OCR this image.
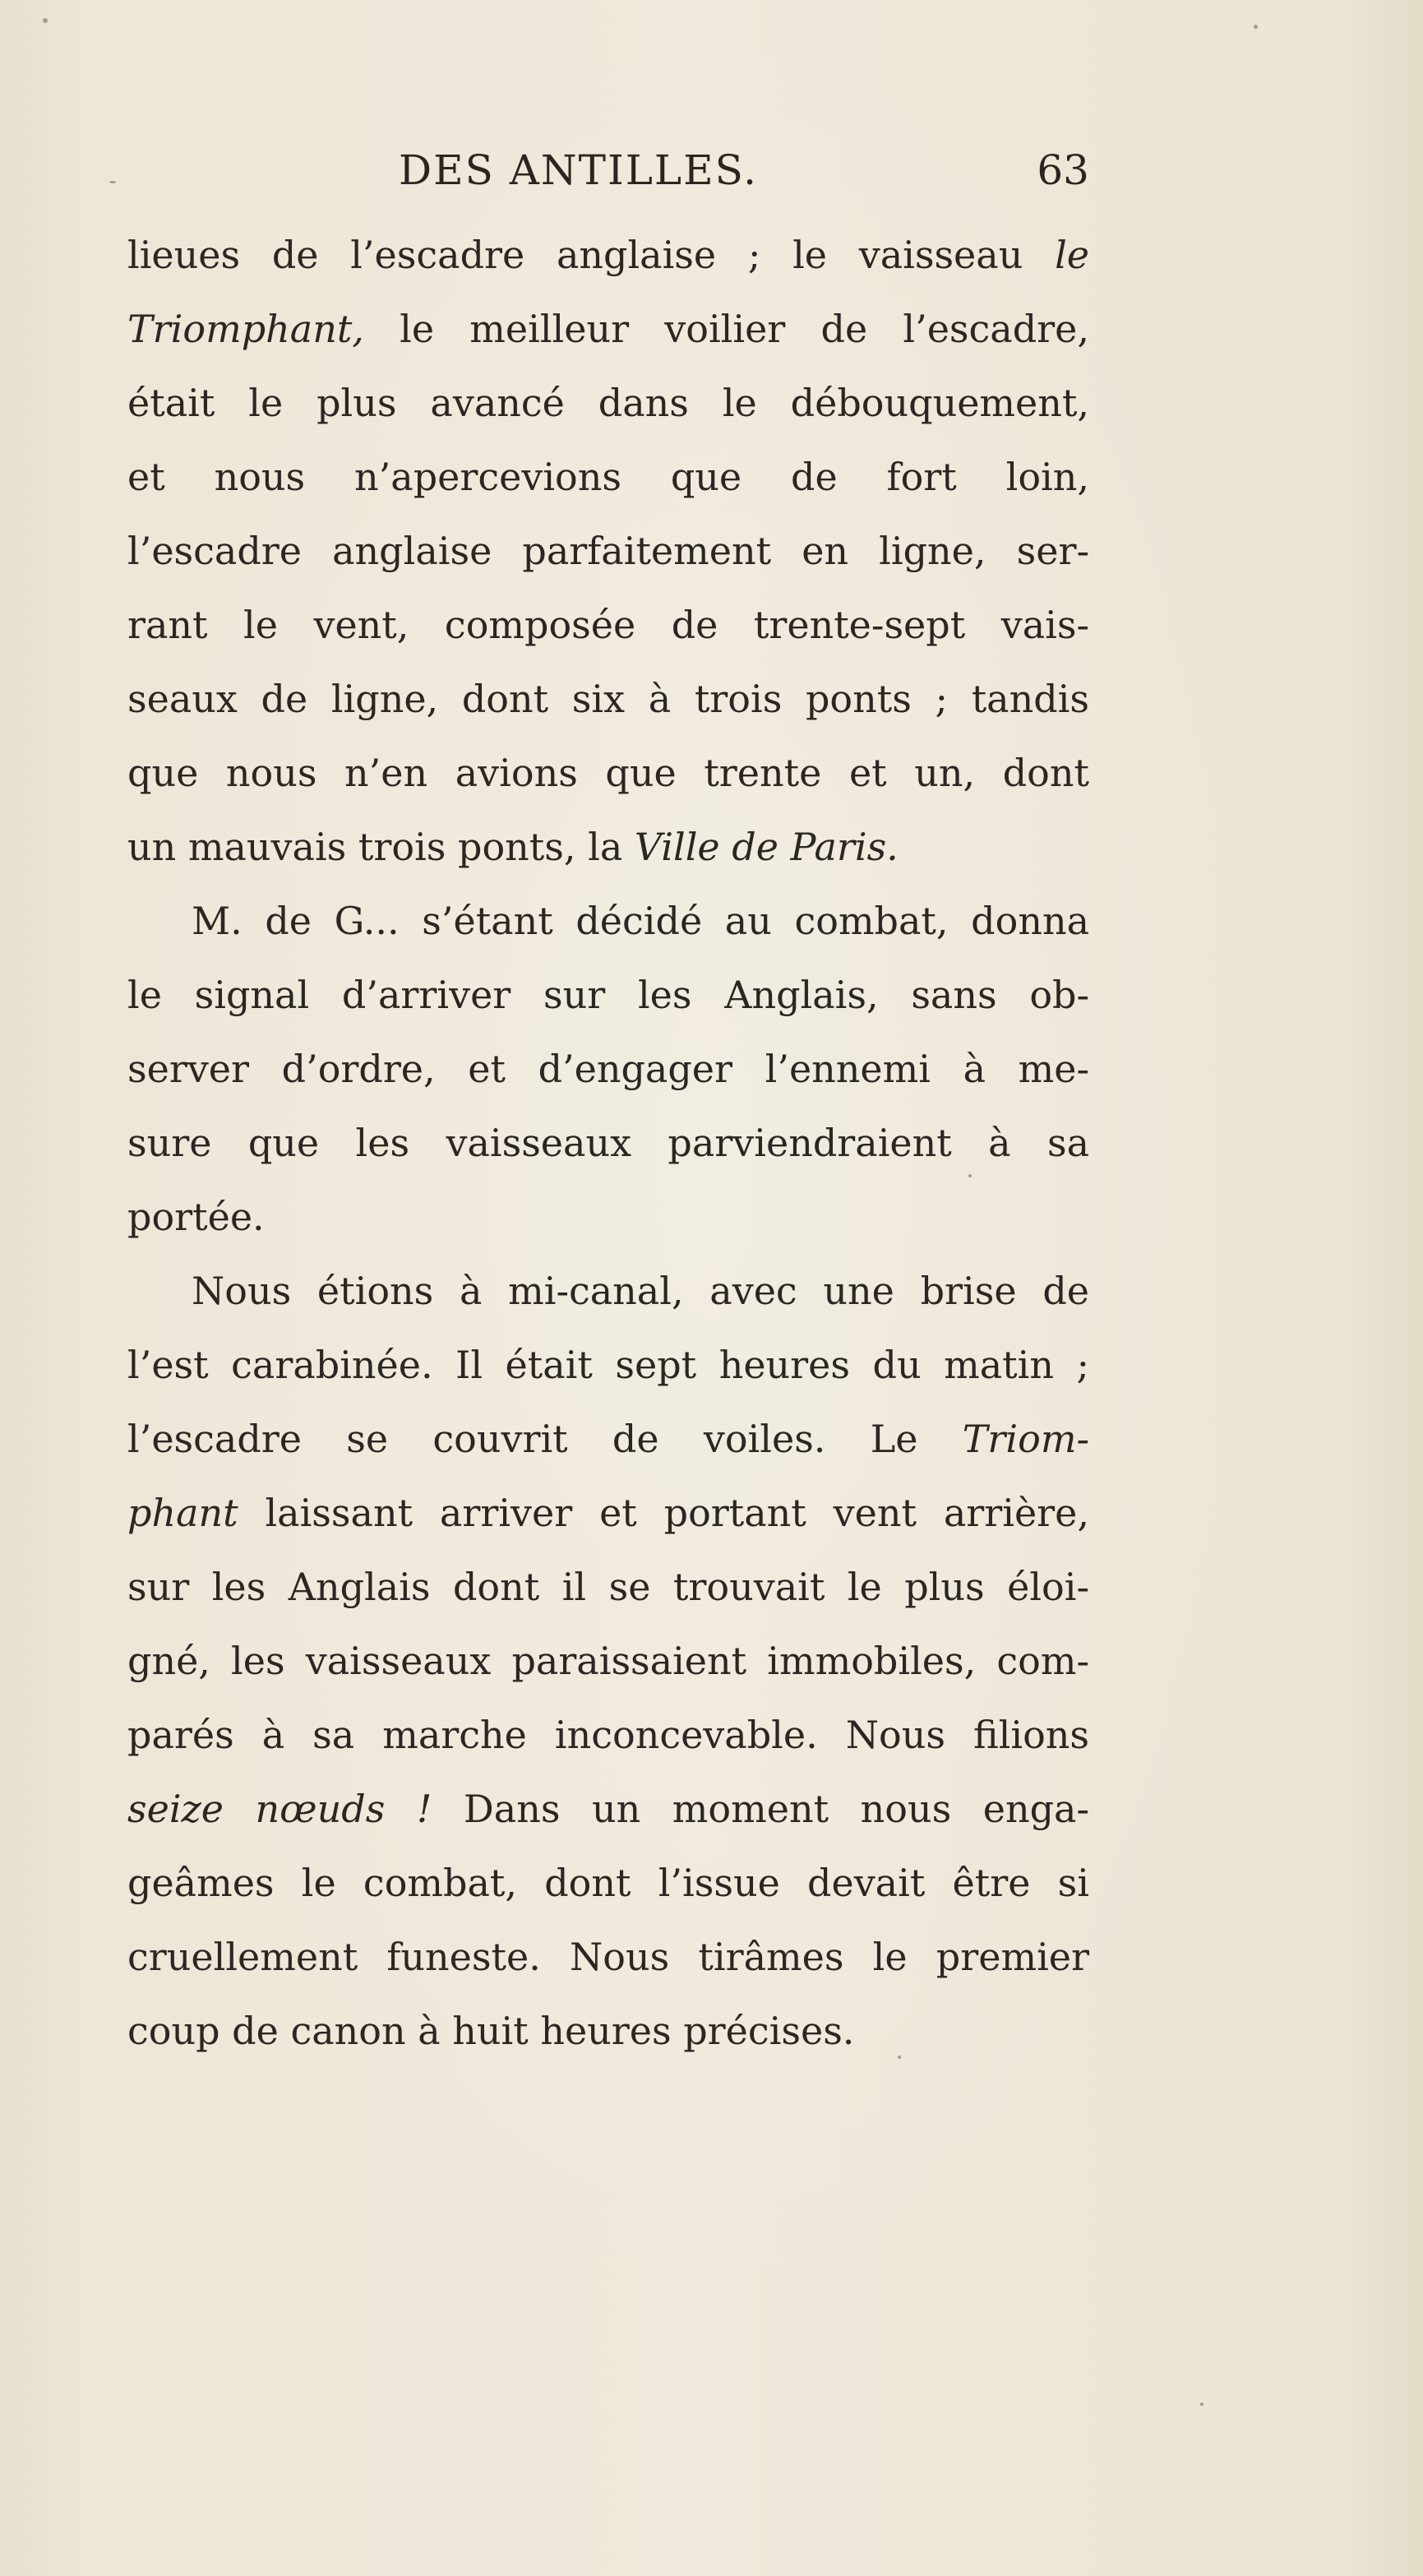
DES ANTILLES.	63
lieues de l’escadre anglaise ; le vaisseau le
Triomphant, le meilleur voilier de l’escadre,
était le plus avancé dans le débouquement,
et nous n’apercevions que de fort loin,
l’escadre anglaise parfaitement en ligne, ser-
rant le vent, composée de trente-sept vais-
seaux de ligne, dont six à trois ponts ; tandis
que nous n’en avions que trente et un, dont
un mauvais trois ponts, la Ville de Paris.
M. de G... s’étant décidé au combat, donna
le signal d’arriver sur les Anglais, sans ob-
server d’ordre, et d’engager l’ennemi à me-
sure que les vaisseaux parviendraient à sa
portée.
Nous étions à mi-canal, avec une brise de
l’est carabinée. Il était sept heures du matin ;
l’escadre se couvrit de voiles. Le Triom-
phant laissant arriver et portant vent arrière,
sur les Anglais dont il se trouvait le plus éloi-
gné, les vaisseaux paraissaient immobiles, com-
parés à sa marche inconcevable. Nous filions
seize nœuds ! Dans un moment nous enga-
geâmes le combat, dont l’issue devait être si
cruellement funeste. Nous tirâmes le premier
coup de canon à huit heures précises.
